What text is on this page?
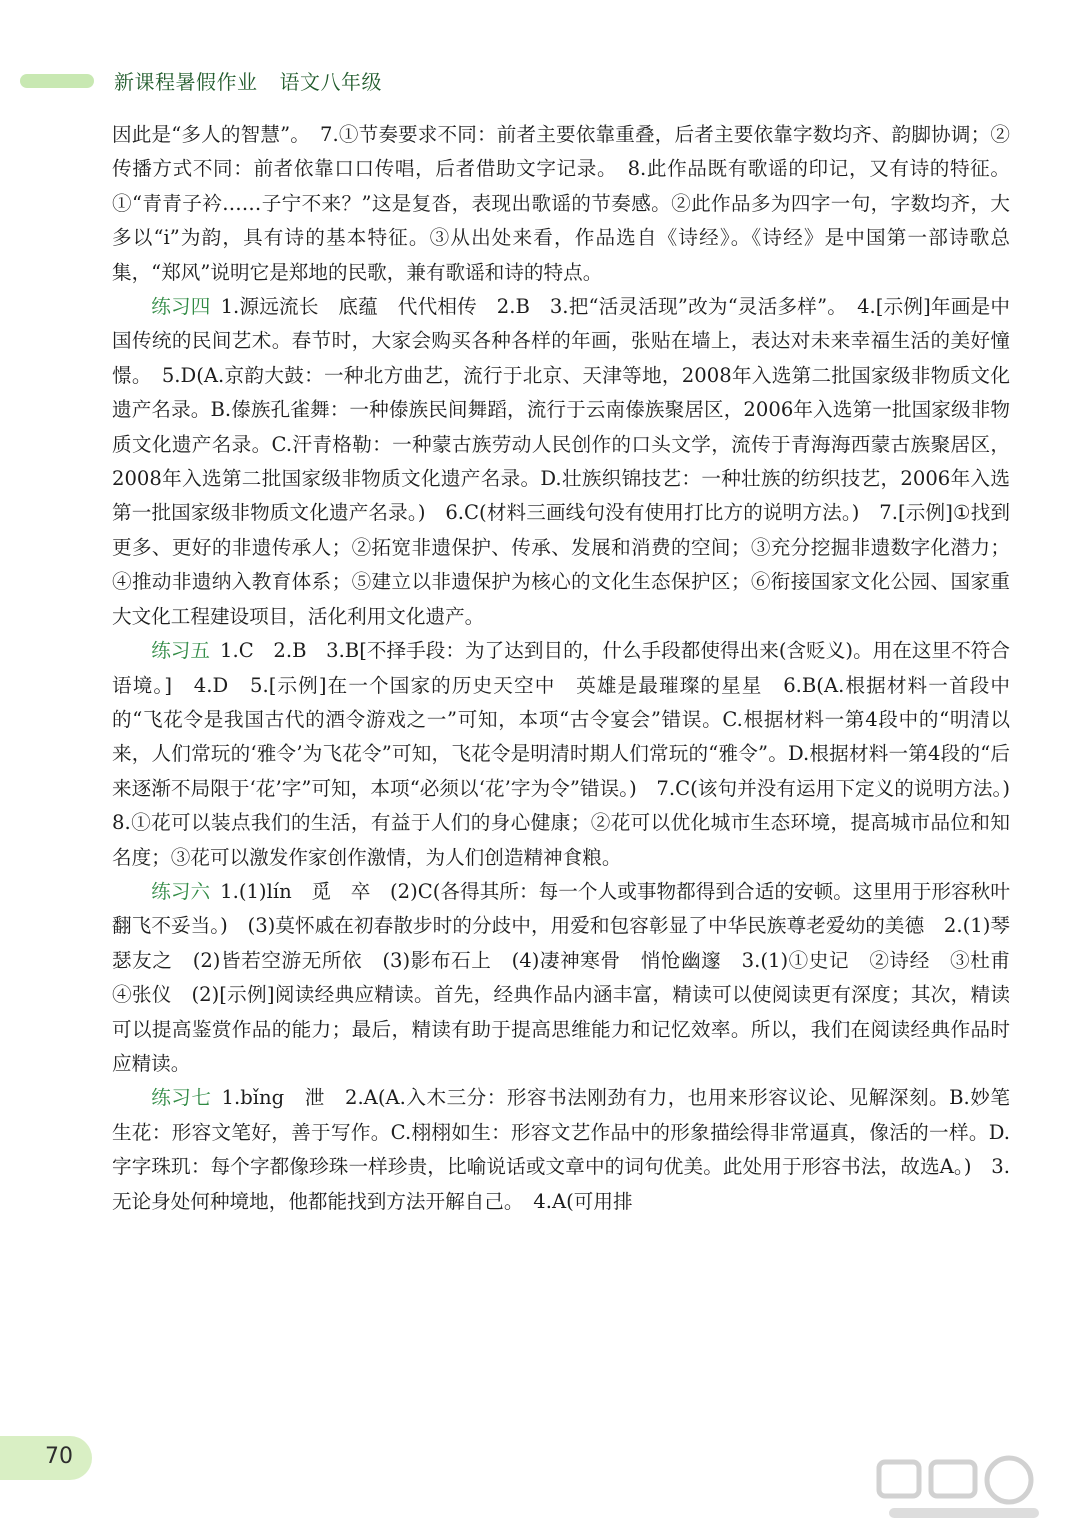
新课程暑假作业 语文八年级

因此是“多人的智慧”。　7.①节奏要求不同：前者主要依靠重叠，后者主要依靠字数均齐、韵脚协调；②传播方式不同：前者依靠口口传唱，后者借助文字记录。　8.此作品既有歌谣的印记，又有诗的特征。①“青青子衿……子宁不来？”这是复沓，表现出歌谣的节奏感。②此作品多为四字一句，字数均齐，大多以“i”为韵，具有诗的基本特征。③从出处来看，作品选自《诗经》。《诗经》是中国第一部诗歌总集，“郑风”说明它是郑地的民歌，兼有歌谣和诗的特点。

练习四 1.源远流长　底蕴　代代相传　2.B　3.把“活灵活现”改为“灵活多样”。　4.[示例]年画是中国传统的民间艺术。春节时，大家会购买各种各样的年画，张贴在墙上，表达对未来幸福生活的美好憧憬。　5.D(A.京韵大鼓：一种北方曲艺，流行于北京、天津等地，2008年入选第二批国家级非物质文化遗产名录。B.傣族孔雀舞：一种傣族民间舞蹈，流行于云南傣族聚居区，2006年入选第一批国家级非物质文化遗产名录。C.汗青格勒：一种蒙古族劳动人民创作的口头文学，流传于青海海西蒙古族聚居区，2008年入选第二批国家级非物质文化遗产名录。D.壮族织锦技艺：一种壮族的纺织技艺，2006年入选第一批国家级非物质文化遗产名录。)　6.C(材料三画线句没有使用打比方的说明方法。)　7.[示例]①找到更多、更好的非遗传承人；②拓宽非遗保护、传承、发展和消费的空间；③充分挖掘非遗数字化潜力；④推动非遗纳入教育体系；⑤建立以非遗保护为核心的文化生态保护区；⑥衔接国家文化公园、国家重大文化工程建设项目，活化利用文化遗产。

练习五 1.C　2.B　3.B[不择手段：为了达到目的，什么手段都使得出来(含贬义)。用在这里不符合语境。]　4.D　5.[示例]在一个国家的历史天空中　英雄是最璀璨的星星　6.B(A.根据材料一首段中的“飞花令是我国古代的酒令游戏之一”可知，本项“古令宴会”错误。C.根据材料一第4段中的“明清以来，人们常玩的‘雅令’为飞花令”可知，飞花令是明清时期人们常玩的“雅令”。D.根据材料一第4段的“后来逐渐不局限于‘花’字”可知，本项“必须以‘花’字为令”错误。)　7.C(该句并没有运用下定义的说明方法。)　8.①花可以装点我们的生活，有益于人们的身心健康；②花可以优化城市生态环境，提高城市品位和知名度；③花可以激发作家创作激情，为人们创造精神食粮。

练习六 1.(1)lín　觅　卒　(2)C(各得其所：每一个人或事物都得到合适的安顿。这里用于形容秋叶翻飞不妥当。)　(3)莫怀戚在初春散步时的分歧中，用爱和包容彰显了中华民族尊老爱幼的美德　2.(1)琴瑟友之　(2)皆若空游无所依　(3)影布石上　(4)凄神寒骨　悄怆幽邃　3.(1)①史记　②诗经　③杜甫　④张仪　(2)[示例]阅读经典应精读。首先，经典作品内涵丰富，精读可以使阅读更有深度；其次，精读可以提高鉴赏作品的能力；最后，精读有助于提高思维能力和记忆效率。所以，我们在阅读经典作品时应精读。

练习七 1.bǐng　泄　2.A(A.入木三分：形容书法刚劲有力，也用来形容议论、见解深刻。B.妙笔生花：形容文笔好，善于写作。C.栩栩如生：形容文艺作品中的形象描绘得非常逼真，像活的一样。D.字字珠玑：每个字都像珍珠一样珍贵，比喻说话或文章中的词句优美。此处用于形容书法，故选A。)　3.无论身处何种境地，他都能找到方法开解自己。　4.A(可用排

70
